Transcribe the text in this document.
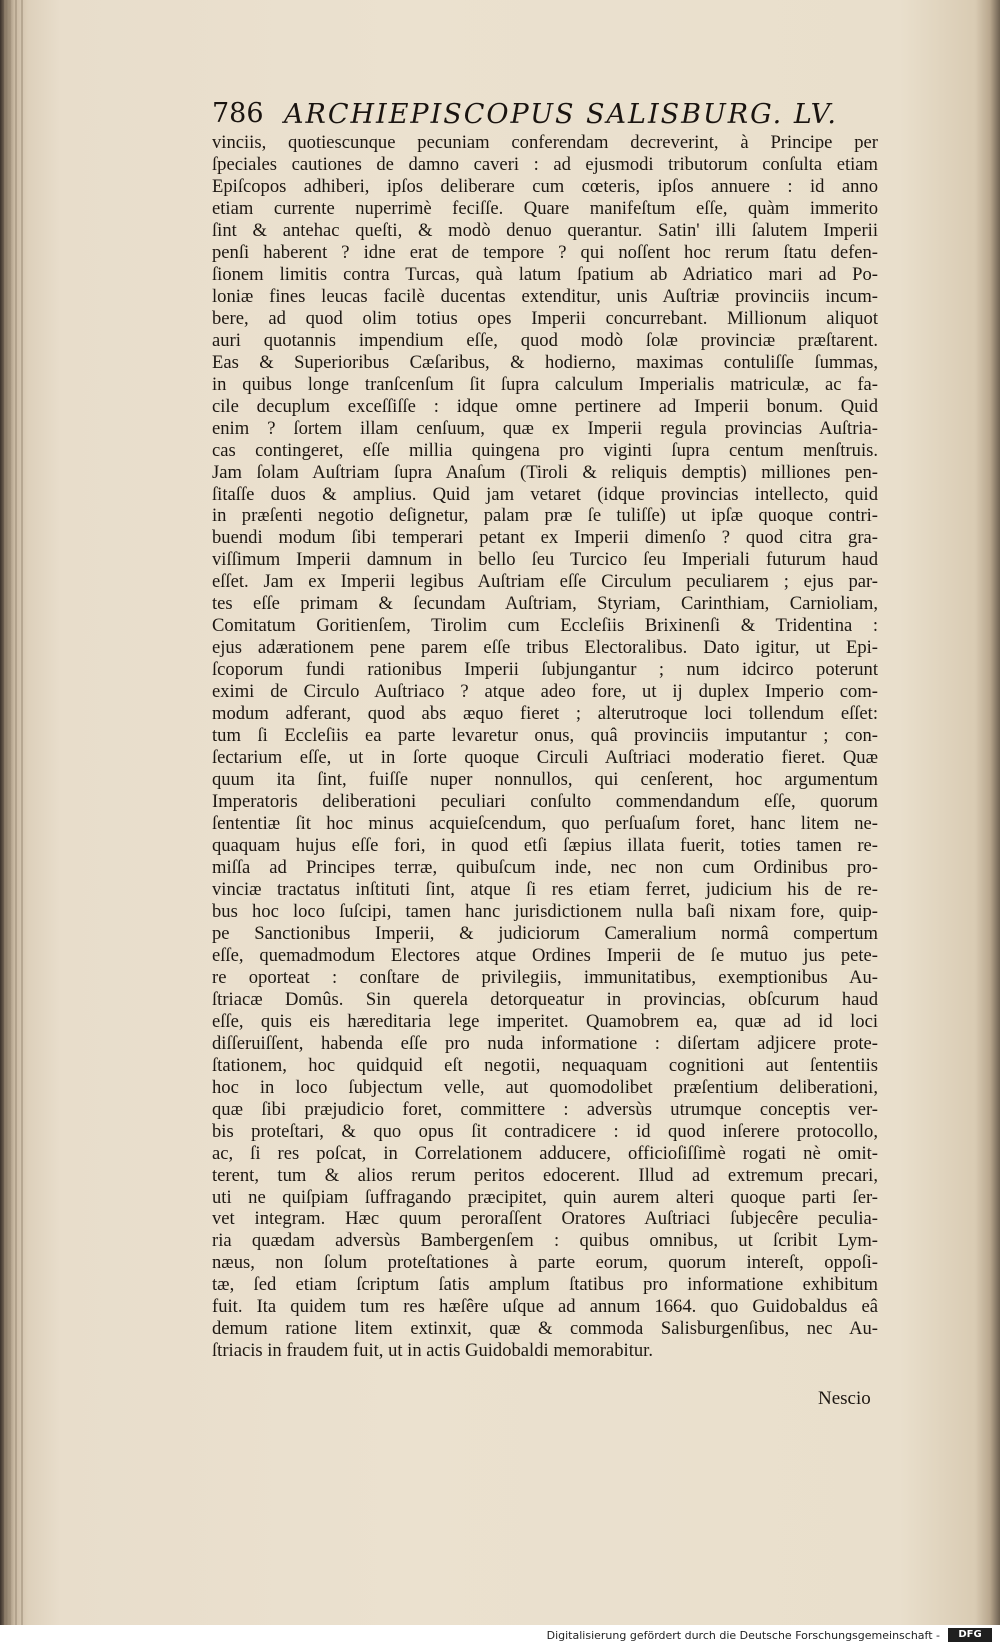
786 ARCHIEPISCOPUS SALISBURG. LV.
vinciis, quotiescunque pecuniam conferendam decreverint, à Principe per
ſpeciales cautiones de damno caveri : ad ejusmodi tributorum conſulta etiam
Epiſcopos adhiberi, ipſos deliberare cum cœteris, ipſos annuere : id anno
etiam currente nuperrimè feciſſe. Quare manifeſtum eſſe, quàm immerito
ſint & antehac queſti, & modò denuo querantur. Satin' illi ſalutem Imperii
penſi haberent ? idne erat de tempore ? qui noſſent hoc rerum ſtatu defen-
ſionem limitis contra Turcas, quà latum ſpatium ab Adriatico mari ad Po-
loniæ fines leucas facilè ducentas extenditur, unis Auſtriæ provinciis incum-
bere, ad quod olim totius opes Imperii concurrebant. Millionum aliquot
auri quotannis impendium eſſe, quod modò ſolæ provinciæ præſtarent.
Eas & Superioribus Cæſaribus, & hodierno, maximas contuliſſe ſummas,
in quibus longe tranſcenſum ſit ſupra calculum Imperialis matriculæ, ac fa-
cile decuplum exceſſiſſe : idque omne pertinere ad Imperii bonum. Quid
enim ? ſortem illam cenſuum, quæ ex Imperii regula provincias Auſtria-
cas contingeret, eſſe millia quingena pro viginti ſupra centum menſtruis.
Jam ſolam Auſtriam ſupra Anaſum (Tiroli & reliquis demptis) milliones pen-
ſitaſſe duos & amplius. Quid jam vetaret (idque provincias intellecto, quid
in præſenti negotio deſignetur, palam præ ſe tuliſſe) ut ipſæ quoque contri-
buendi modum ſibi temperari petant ex Imperii dimenſo ? quod citra gra-
viſſimum Imperii damnum in bello ſeu Turcico ſeu Imperiali futurum haud
eſſet. Jam ex Imperii legibus Auſtriam eſſe Circulum peculiarem ; ejus par-
tes eſſe primam & ſecundam Auſtriam, Styriam, Carinthiam, Carnioliam,
Comitatum Goritienſem, Tirolim cum Eccleſiis Brixinenſi & Tridentina :
ejus adærationem pene parem eſſe tribus Electoralibus. Dato igitur, ut Epi-
ſcoporum fundi rationibus Imperii ſubjungantur ; num idcirco poterunt
eximi de Circulo Auſtriaco ? atque adeo fore, ut ij duplex Imperio com-
modum adferant, quod abs æquo fieret ; alterutroque loci tollendum eſſet:
tum ſi Eccleſiis ea parte levaretur onus, quâ provinciis imputantur ; con-
ſectarium eſſe, ut in ſorte quoque Circuli Auſtriaci moderatio fieret. Quæ
quum ita ſint, fuiſſe nuper nonnullos, qui cenſerent, hoc argumentum
Imperatoris deliberationi peculiari conſulto commendandum eſſe, quorum
ſententiæ ſit hoc minus acquieſcendum, quo perſuaſum foret, hanc litem ne-
quaquam hujus eſſe fori, in quod etſi ſæpius illata fuerit, toties tamen re-
miſſa ad Principes terræ, quibuſcum inde, nec non cum Ordinibus pro-
vinciæ tractatus inſtituti ſint, atque ſi res etiam ferret, judicium his de re-
bus hoc loco ſuſcipi, tamen hanc jurisdictionem nulla baſi nixam fore, quip-
pe Sanctionibus Imperii, & judiciorum Cameralium normâ compertum
eſſe, quemadmodum Electores atque Ordines Imperii de ſe mutuo jus pete-
re oporteat : conſtare de privilegiis, immunitatibus, exemptionibus Au-
ſtriacæ Domûs. Sin querela detorqueatur in provincias, obſcurum haud
eſſe, quis eis hæreditaria lege imperitet. Quamobrem ea, quæ ad id loci
diſſeruiſſent, habenda eſſe pro nuda informatione : diſertam adjicere prote-
ſtationem, hoc quidquid eſt negotii, nequaquam cognitioni aut ſententiis
hoc in loco ſubjectum velle, aut quomodolibet præſentium deliberationi,
quæ ſibi præjudicio foret, committere : adversùs utrumque conceptis ver-
bis proteſtari, & quo opus ſit contradicere : id quod inſerere protocollo,
ac, ſi res poſcat, in Correlationem adducere, officioſiſſimè rogati nè omit-
terent, tum & alios rerum peritos edocerent. Illud ad extremum precari,
uti ne quiſpiam ſuffragando præcipitet, quin aurem alteri quoque parti ſer-
vet integram. Hæc quum peroraſſent Oratores Auſtriaci ſubjecêre peculia-
ria quædam adversùs Bambergenſem : quibus omnibus, ut ſcribit Lym-
næus, non ſolum proteſtationes à parte eorum, quorum intereſt, oppoſi-
tæ, ſed etiam ſcriptum ſatis amplum ſtatibus pro informatione exhibitum
fuit. Ita quidem tum res hæſêre uſque ad annum 1664. quo Guidobaldus eâ
demum ratione litem extinxit, quæ & commoda Salisburgenſibus, nec Au-
ſtriacis in fraudem fuit, ut in actis Guidobaldi memorabitur.
Nescio
Digitalisierung gefördert durch die Deutsche Forschungsgemeinschaft -	DFG
